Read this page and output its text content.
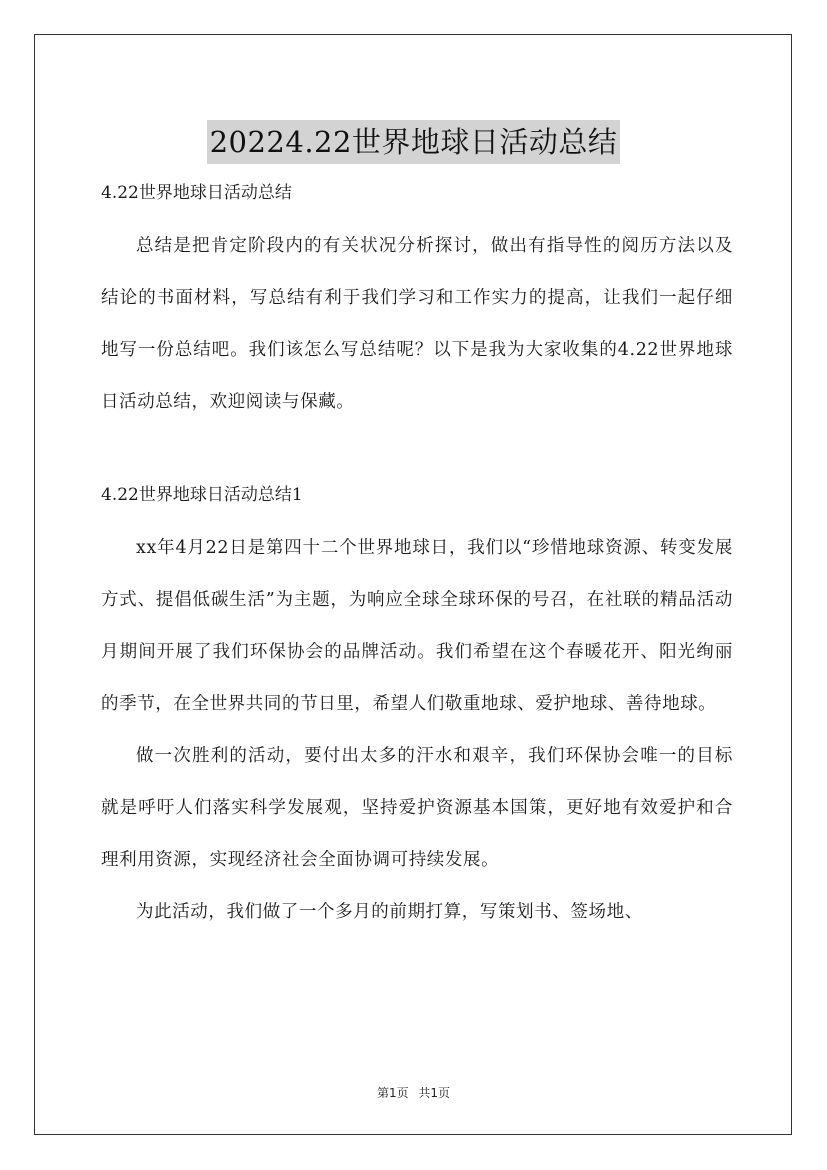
20224.22世界地球日活动总结

4.22世界地球日活动总结

总结是把肯定阶段内的有关状况分析探讨，做出有指导性的阅历方法以及结论的书面材料，写总结有利于我们学习和工作实力的提高，让我们一起仔细地写一份总结吧。我们该怎么写总结呢？以下是我为大家收集的4.22世界地球日活动总结，欢迎阅读与保藏。

4.22世界地球日活动总结1

xx年4月22日是第四十二个世界地球日，我们以“珍惜地球资源、转变发展方式、提倡低碳生活”为主题，为响应全球全球环保的号召，在社联的精品活动月期间开展了我们环保协会的品牌活动。我们希望在这个春暖花开、阳光绚丽的季节，在全世界共同的节日里，希望人们敬重地球、爱护地球、善待地球。

做一次胜利的活动，要付出太多的汗水和艰辛，我们环保协会唯一的目标就是呼吁人们落实科学发展观，坚持爱护资源基本国策，更好地有效爱护和合理利用资源，实现经济社会全面协调可持续发展。

为此活动，我们做了一个多月的前期打算，写策划书、签场地、

第1页 共1页
